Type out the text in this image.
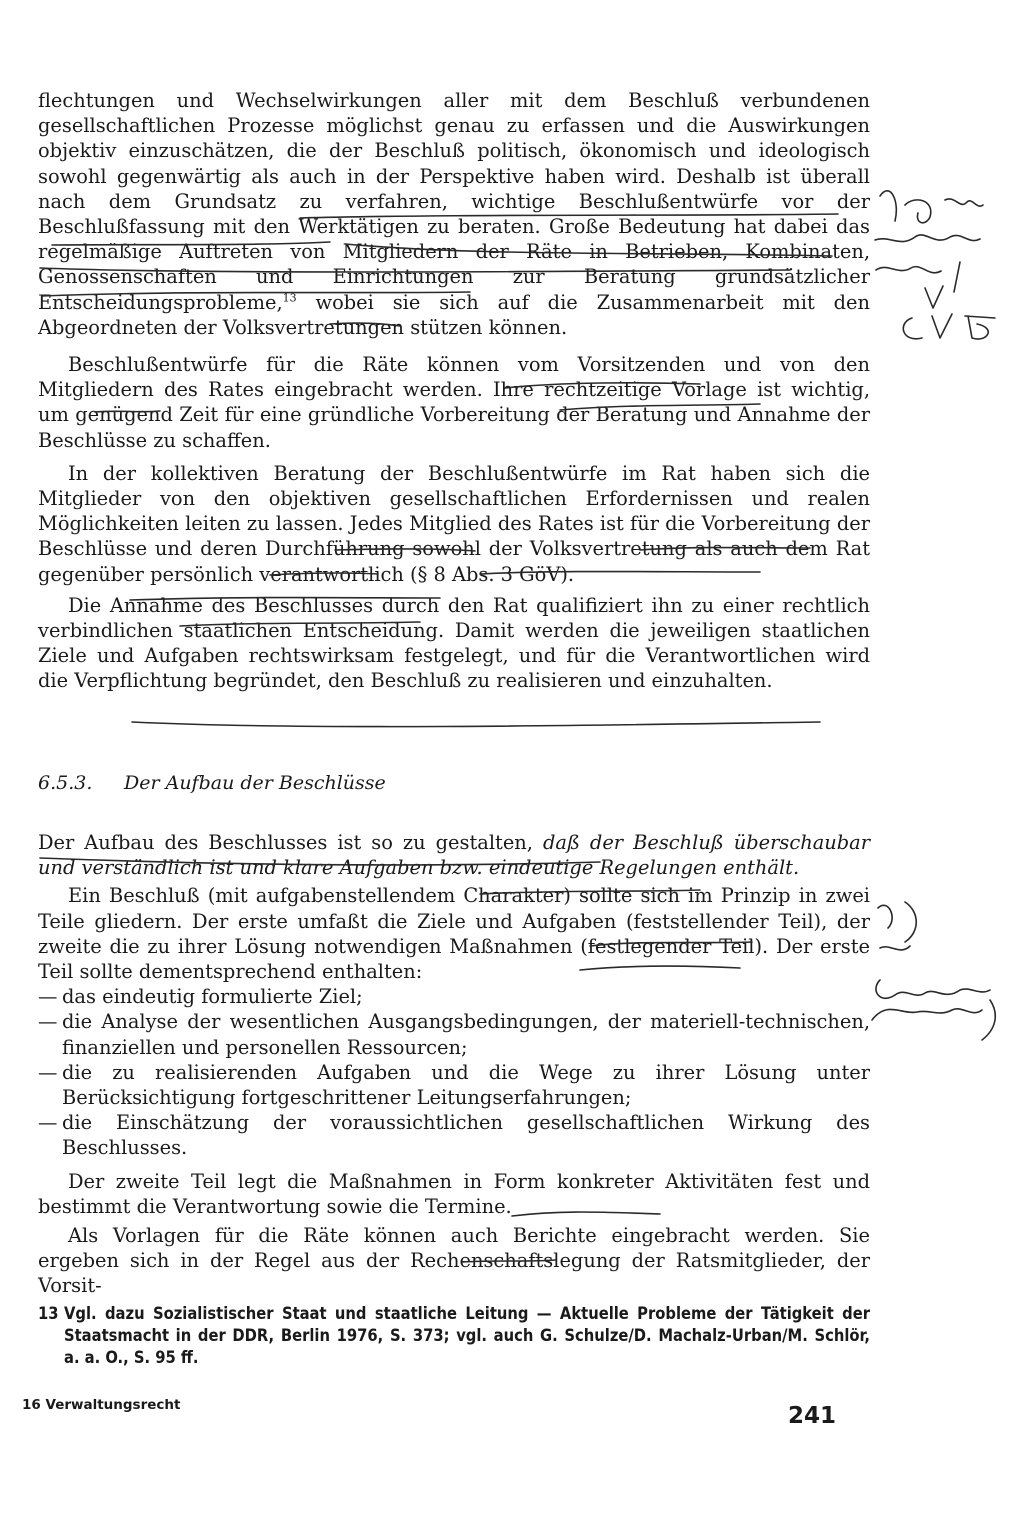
flechtungen und Wechselwirkungen aller mit dem Beschluß verbundenen gesellschaftlichen Prozesse möglichst genau zu erfassen und die Auswirkungen objektiv einzuschätzen, die der Beschluß politisch, ökonomisch und ideologisch sowohl gegenwärtig als auch in der Perspektive haben wird. Deshalb ist überall nach dem Grundsatz zu verfahren, wichtige Beschlußentwürfe vor der Beschlußfassung mit den Werktätigen zu beraten. Große Bedeutung hat dabei das regelmäßige Auftreten von Mitgliedern der Räte in Betrieben, Kombinaten, Genossenschaften und Einrichtungen zur Beratung grundsätzlicher Entscheidungsprobleme,$^{13}$ wobei sie sich auf die Zusammenarbeit mit den Abgeordneten der Volksvertretungen stützen können.

Beschlußentwürfe für die Räte können vom Vorsitzenden und von den Mitgliedern des Rates eingebracht werden. Ihre rechtzeitige Vorlage ist wichtig, um genügend Zeit für eine gründliche Vorbereitung der Beratung und Annahme der Beschlüsse zu schaffen.

In der kollektiven Beratung der Beschlußentwürfe im Rat haben sich die Mitglieder von den objektiven gesellschaftlichen Erfordernissen und realen Möglichkeiten leiten zu lassen. Jedes Mitglied des Rates ist für die Vorbereitung der Beschlüsse und deren Durchführung sowohl der Volksvertretung als auch dem Rat gegenüber persönlich verantwortlich (§ 8 Abs. 3 GöV).

Die Annahme des Beschlusses durch den Rat qualifiziert ihn zu einer rechtlich verbindlichen staatlichen Entscheidung. Damit werden die jeweiligen staatlichen Ziele und Aufgaben rechtswirksam festgelegt, und für die Verantwortlichen wird die Verpflichtung begründet, den Beschluß zu realisieren und einzuhalten.

6.5.3. Der Aufbau der Beschlüsse

Der Aufbau des Beschlusses ist so zu gestalten, daß der Beschluß überschaubar und verständlich ist und klare Aufgaben bzw. eindeutige Regelungen enthält.

Ein Beschluß (mit aufgabenstellendem Charakter) sollte sich im Prinzip in zwei Teile gliedern. Der erste umfaßt die Ziele und Aufgaben (feststellender Teil), der zweite die zu ihrer Lösung notwendigen Maßnahmen (festlegender Teil). Der erste Teil sollte dementsprechend enthalten:

— das eindeutig formulierte Ziel;
— die Analyse der wesentlichen Ausgangsbedingungen, der materiell-technischen, finanziellen und personellen Ressourcen;
— die zu realisierenden Aufgaben und die Wege zu ihrer Lösung unter Berücksichtigung fortgeschrittener Leitungserfahrungen;
— die Einschätzung der voraussichtlichen gesellschaftlichen Wirkung des Beschlusses.

Der zweite Teil legt die Maßnahmen in Form konkreter Aktivitäten fest und bestimmt die Verantwortung sowie die Termine.

Als Vorlagen für die Räte können auch Berichte eingebracht werden. Sie ergeben sich in der Regel aus der Rechenschaftslegung der Ratsmitglieder, der Vorsit-

13 Vgl. dazu Sozialistischer Staat und staatliche Leitung — Aktuelle Probleme der Tätigkeit der Staatsmacht in der DDR, Berlin 1976, S. 373; vgl. auch G. Schulze/D. Machalz-Urban/M. Schlör, a. a. O., S. 95 ff.
16 Verwaltungsrecht	241
